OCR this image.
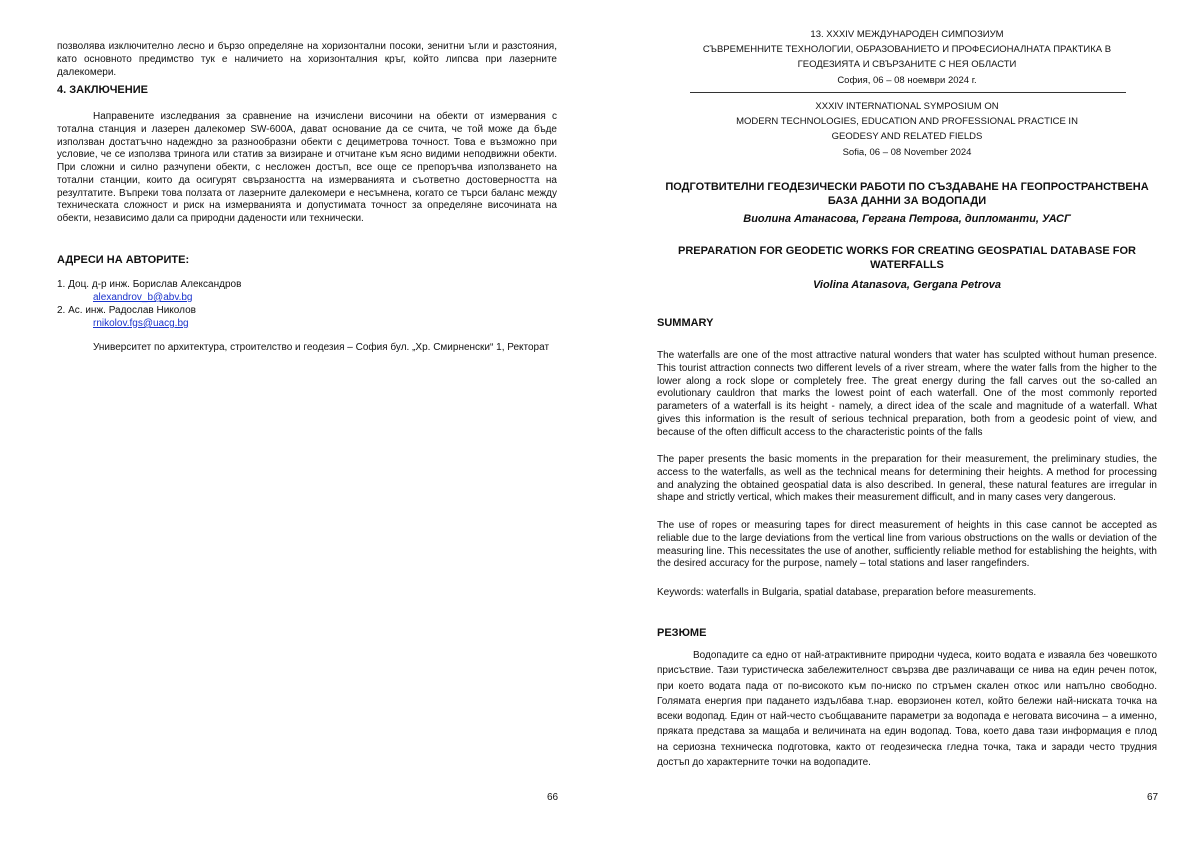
позволява изключително лесно и бързо определяне на хоризонтални посоки, зенитни ъгли и разстояния, като основното предимство тук е наличието на хоризонталния кръг, който липсва при лазерните далекомери.

4. ЗАКЛЮЧЕНИЕ

Направените изследвания за сравнение на изчислени височини на обекти от измервания с тотална станция и лазерен далекомер SW-600A, дават основание да се счита, че той може да бъде използван достатъчно надеждно за разнообразни обекти с дециметрова точност. Това е възможно при условие, че се използва тринога или статив за визиране и отчитане към ясно видими неподвижни обекти. При сложни и силно разчупени обекти, с несложен достъп, все още се препоръчва използването на тотални станции, които да осигурят свързаността на измерванията и съответно достоверността на резултатите. Въпреки това ползата от лазерните далекомери е несъмнена, когато се търси баланс между техническата сложност и риск на измерванията и допустимата точност за определяне височината на обекти, независимо дали са природни дадености или технически.

АДРЕСИ НА АВТОРИТЕ:
1. Доц. д-р инж. Борислав Александров
alexandrov_b@abv.bg
2. Ас. инж. Радослав Николов
rnikolov.fgs@uacg.bg

Университет по архитектура, строителство и геодезия – София бул. „Хр. Смирненски“ 1, Ректорат

66
13. XXXIV МЕЖДУНАРОДЕН СИМПОЗИУМ
СЪВРЕМЕННИТЕ ТЕХНОЛОГИИ, ОБРАЗОВАНИЕТО И ПРОФЕСИОНАЛНАТА ПРАКТИКА В
ГЕОДЕЗИЯТА И СВЪРЗАНИТЕ С НЕЯ ОБЛАСТИ
София, 06 – 08 ноември 2024 г.
XXXIV INTERNATIONAL SYMPOSIUM ON
MODERN TECHNOLOGIES, EDUCATION AND PROFESSIONAL PRACTICE IN
GEODESY AND RELATED FIELDS
Sofia, 06 – 08 November 2024
ПОДГОТВИТЕЛНИ ГЕОДЕЗИЧЕСКИ РАБОТИ ПО СЪЗДАВАНЕ НА ГЕОПРОСТРАНСТВЕНА БАЗА ДАННИ ЗА ВОДОПАДИ
Виолина Атанасова, Гергана Петрова, дипломанти, УАСГ
PREPARATION FOR GEODETIC WORKS FOR CREATING GEOSPATIAL DATABASE FOR WATERFALLS
Violina Atanasova, Gergana Petrova
SUMMARY

The waterfalls are one of the most attractive natural wonders that water has sculpted without human presence. This tourist attraction connects two different levels of a river stream, where the water falls from the higher to the lower along a rock slope or completely free. The great energy during the fall carves out the so-called an evolutionary cauldron that marks the lowest point of each waterfall. One of the most commonly reported parameters of a waterfall is its height - namely, a direct idea of the scale and magnitude of a waterfall. What gives this information is the result of serious technical preparation, both from a geodesic point of view, and because of the often difficult access to the characteristic points of the falls

The paper presents the basic moments in the preparation for their measurement, the preliminary studies, the access to the waterfalls, as well as the technical means for determining their heights. A method for processing and analyzing the obtained geospatial data is also described. In general, these natural features are irregular in shape and strictly vertical, which makes their measurement difficult, and in many cases very dangerous.

The use of ropes or measuring tapes for direct measurement of heights in this case cannot be accepted as reliable due to the large deviations from the vertical line from various obstructions on the walls or deviation of the measuring line. This necessitates the use of another, sufficiently reliable method for establishing the heights, with the desired accuracy for the purpose, namely – total stations and laser rangefinders.

Keywords: waterfalls in Bulgaria, spatial database, preparation before measurements.

РЕЗЮМЕ

Водопадите са едно от най-атрактивните природни чудеса, които водата е изваяла без човешкото присъствие. Тази туристическа забележителност свързва две различаващи се нива на един речен поток, при което водата пада от по-високото към по-ниско по стръмен скален откос или напълно свободно. Голямата енергия при падането издълбава т.нар. еворзионен котел, който бележи най-ниската точка на всеки водопад. Един от най-често съобщаваните параметри за водопада е неговата височина – а именно, пряката представа за мащаба и величината на един водопад. Това, което дава тази информация е плод на сериозна техническа подготовка, както от геодезическа гледна точка, така и заради често трудния достъп до характерните точки на водопадите.

67
